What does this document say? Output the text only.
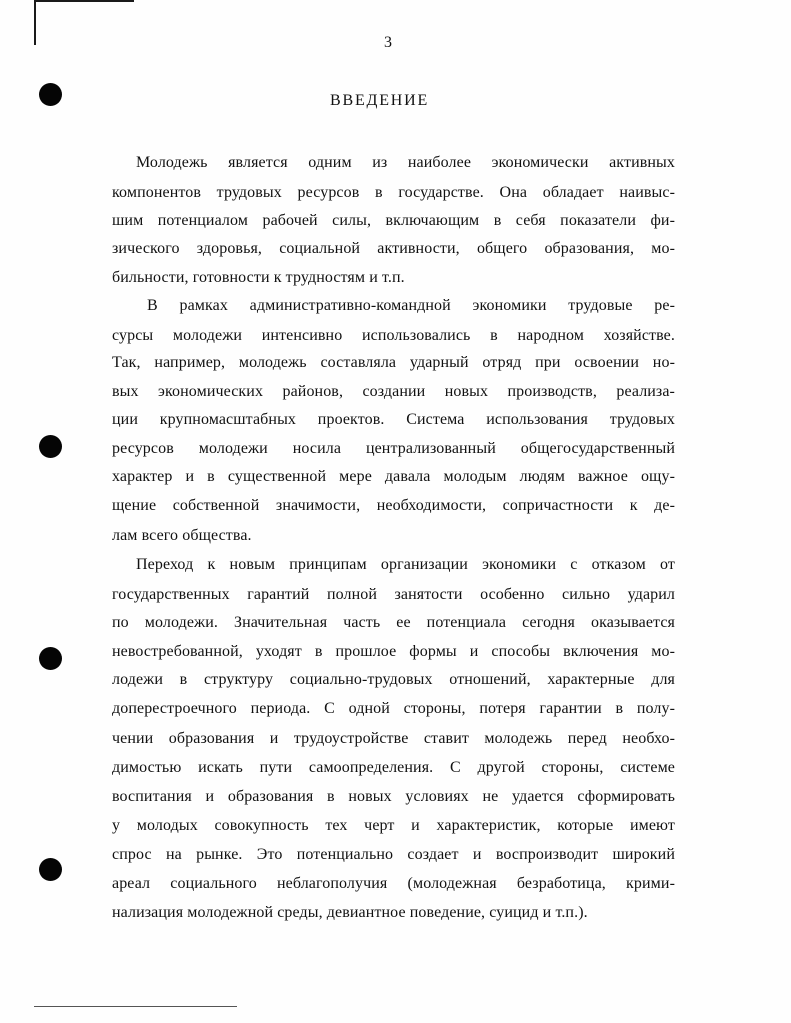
3
ВВЕДЕНИЕ
Молодежь является одним из наиболее экономически активных
компонентов трудовых ресурсов в государстве. Она обладает наивыс-
шим потенциалом рабочей силы, включающим в себя показатели фи-
зического здоровья, социальной активности, общего образования, мо-
бильности, готовности к трудностям и т.п.
В рамках административно-командной экономики трудовые ре-
сурсы молодежи интенсивно использовались в народном хозяйстве.
Так, например, молодежь составляла ударный отряд при освоении но-
вых экономических районов, создании новых производств, реализа-
ции крупномасштабных проектов. Система использования трудовых
ресурсов молодежи носила централизованный общегосударственный
характер и в существенной мере давала молодым людям важное ощу-
щение собственной значимости, необходимости, сопричастности к де-
лам всего общества.
Переход к новым принципам организации экономики с отказом от
государственных гарантий полной занятости особенно сильно ударил
по молодежи. Значительная часть ее потенциала сегодня оказывается
невостребованной, уходят в прошлое формы и способы включения мо-
лодежи в структуру социально-трудовых отношений, характерные для
доперестроечного периода. С одной стороны, потеря гарантии в полу-
чении образования и трудоустройстве ставит молодежь перед необхо-
димостью искать пути самоопределения. С другой стороны, системе
воспитания и образования в новых условиях не удается сформировать
у молодых совокупность тех черт и характеристик, которые имеют
спрос на рынке. Это потенциально создает и воспроизводит широкий
ареал социального неблагополучия (молодежная безработица, крими-
нализация молодежной среды, девиантное поведение, суицид и т.п.).
